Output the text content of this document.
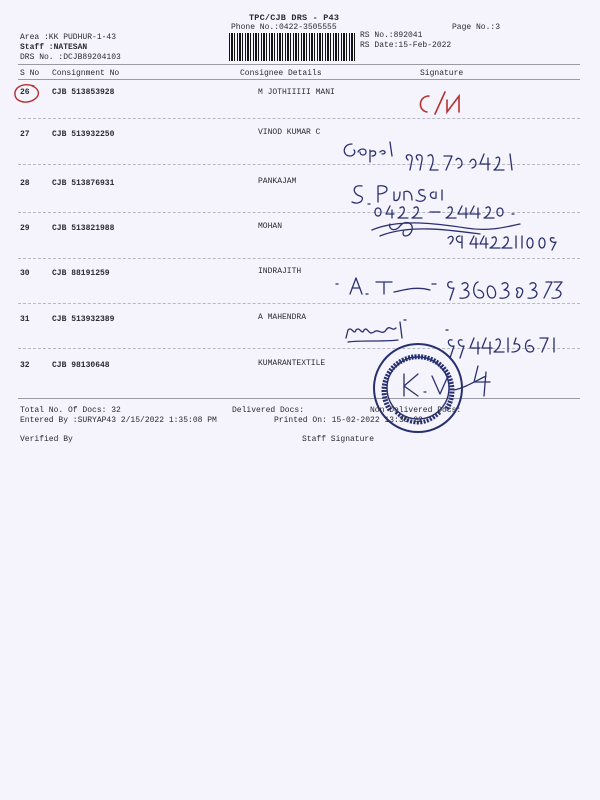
TPC/CJB DRS - P43
Phone No.:0422-3505555	Page No.:3
Area :KK PUDHUR-1-43
Staff :NATESAN
DRS No. :DCJB89204103
RS No.:892041
RS Date:15-Feb-2022
S No Consignment No	Consignee Details	Signature
26	CJB 513853928	M JOTHIIIII MANI
27	CJB 513932250	VINOD KUMAR C
28	CJB 513876931	PANKAJAM
29	CJB 513821988	MOHAN
30	CJB 88191259	INDRAJITH
31	CJB 513932389	A MAHENDRA
32	CJB 98130648	KUMARANTEXTILE
Total No. Of Docs: 32	Delivered Docs:	Non Delivered Docs:
Entered By :SURYAP43 2/15/2022 1:35:08 PM	Printed On: 15-02-2022 13:35:22
Verified By	Staff Signature
